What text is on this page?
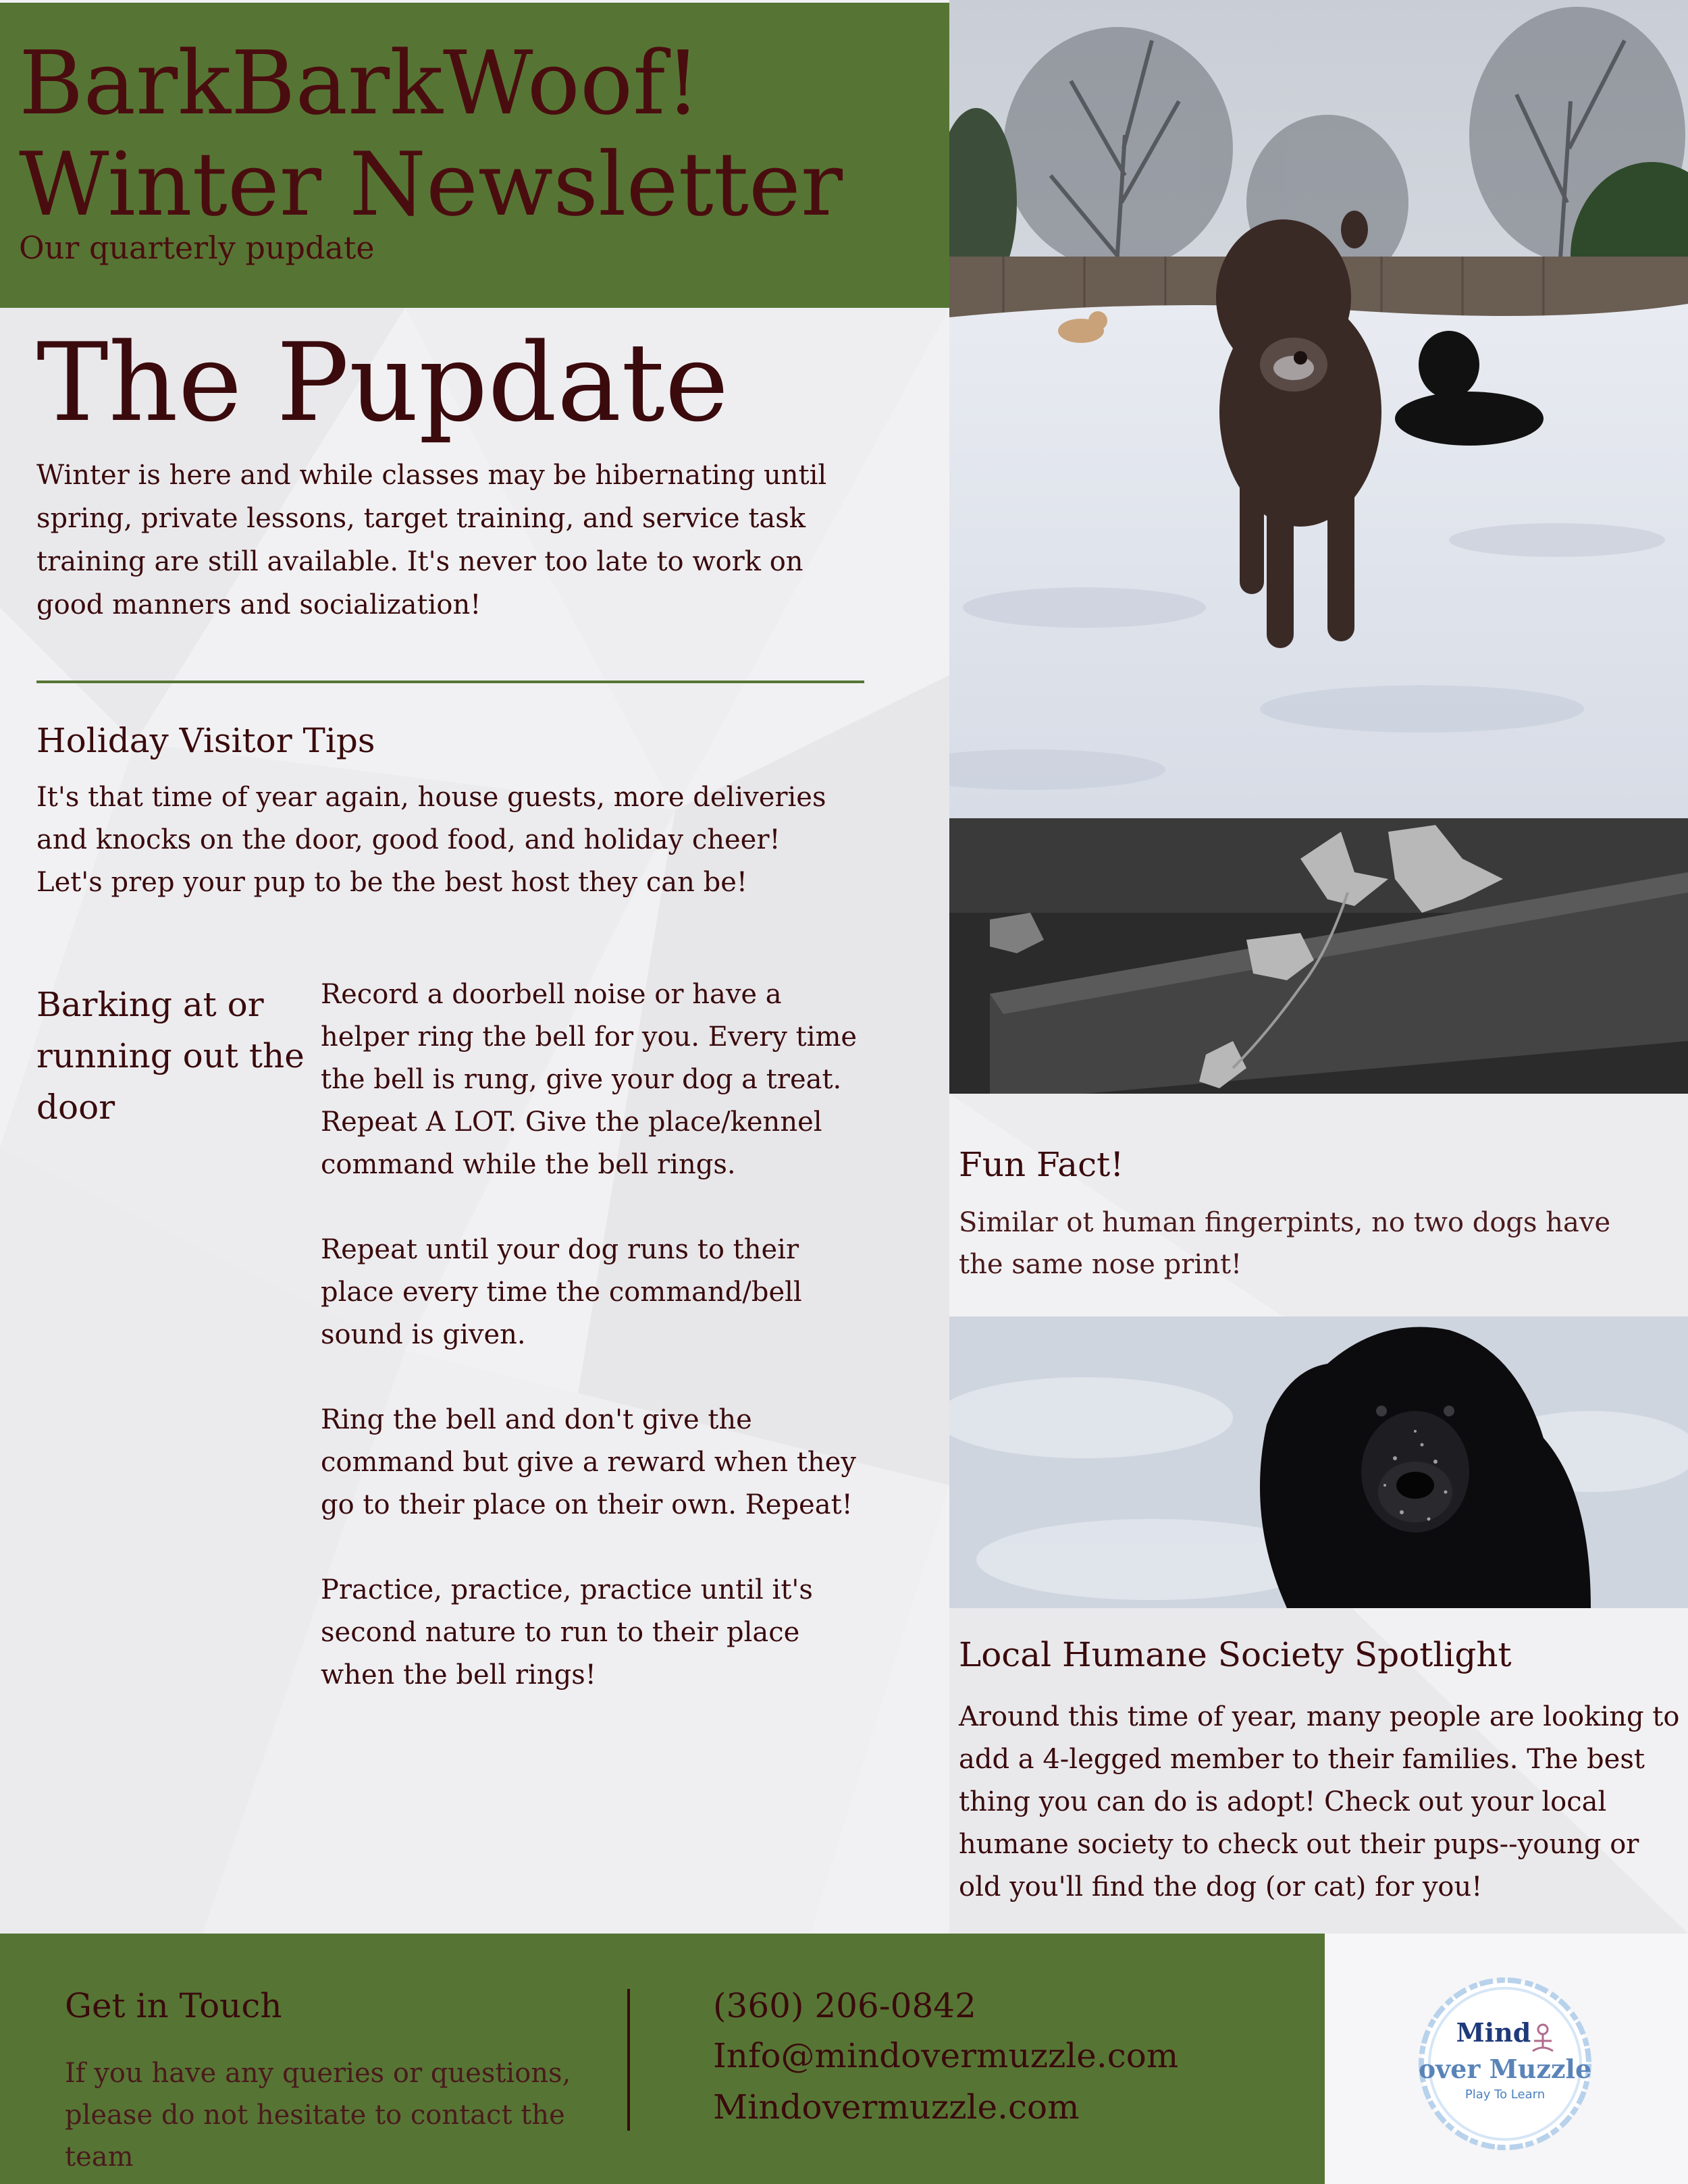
BarkBarkWoof!
Winter Newsletter
Our quarterly pupdate
Fun Fact!
Similar ot human fingerpints, no two dogs have the same nose print!
The Pupdate
Winter is here and while classes may be hibernating until spring, private lessons, target training, and service task training are still available. It's never too late to work on good manners and socialization!
Holiday Visitor Tips
It's that time of year again, house guests, more deliveries and knocks on the door, good food, and holiday cheer! Let's prep your pup to be the best host they can be!
Barking at or running out the door

Record a doorbell noise or have a helper ring the bell for you. Every time the bell is rung, give your dog a treat. Repeat A LOT. Give the place/kennel command while the bell rings.

Repeat until your dog runs to their place every time the command/bell sound is given.

Ring the bell and don't give the command but give a reward when they go to their place on their own. Repeat!

Practice, practice, practice until it's second nature to run to their place when the bell rings!

Local Humane Society Spotlight
Around this time of year, many people are looking to add a 4-legged member to their families. The best thing you can do is adopt! Check out your local humane society to check out their pups--young or old you'll find the dog (or cat) for you!
Get in Touch
If you have any queries or questions, please do not hesitate to contact the team
(360) 206-0842
Info@mindovermuzzle.com
Mindovermuzzle.com
Mind
over Muzzle
Play To Learn
